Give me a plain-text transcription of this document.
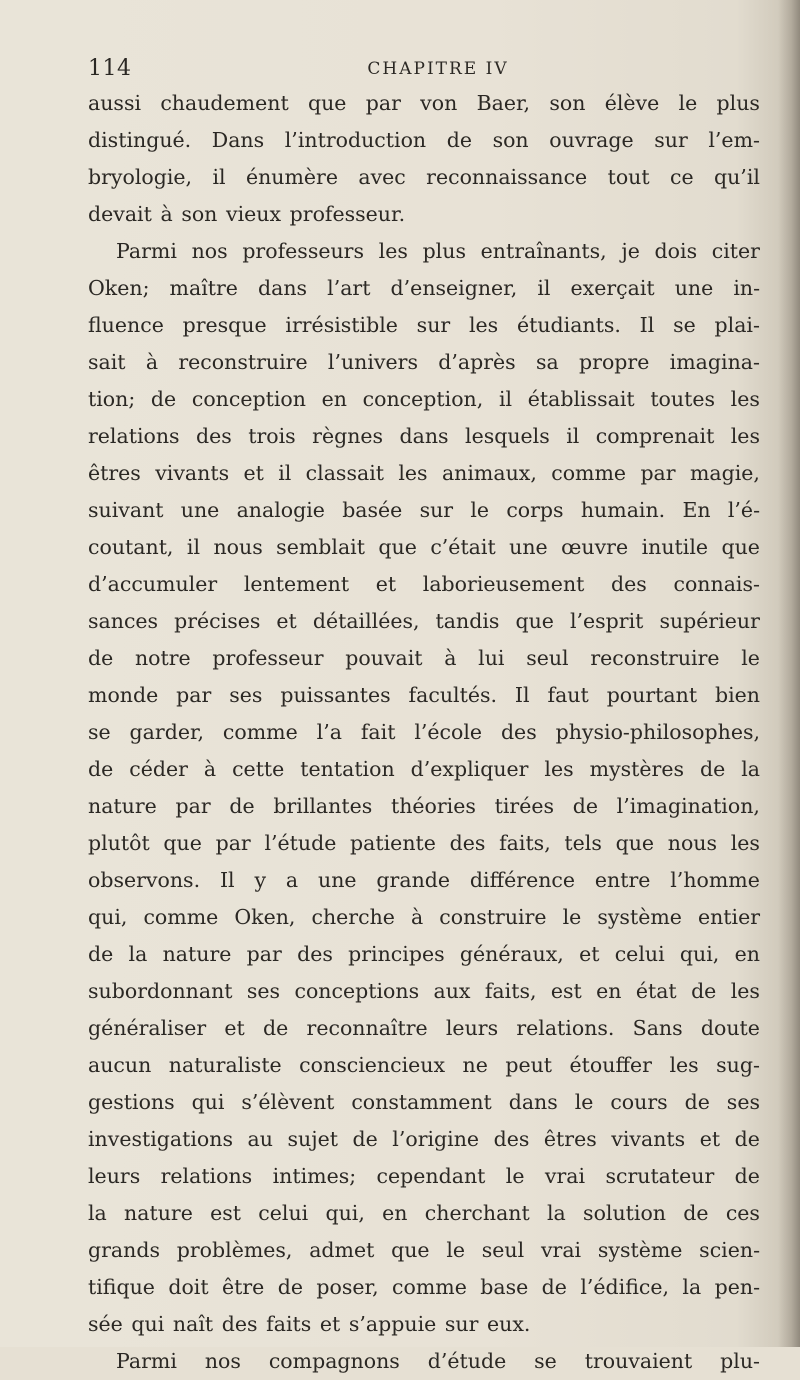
114	CHAPITRE IV
aussi chaudement que par von Baer, son élève le plus
distingué. Dans l’introduction de son ouvrage sur l’em-
bryologie, il énumère avec reconnaissance tout ce qu’il
devait à son vieux professeur.
Parmi nos professeurs les plus entraînants, je dois citer
Oken; maître dans l’art d’enseigner, il exerçait une in-
fluence presque irrésistible sur les étudiants. Il se plai-
sait à reconstruire l’univers d’après sa propre imagina-
tion; de conception en conception, il établissait toutes les
relations des trois règnes dans lesquels il comprenait les
êtres vivants et il classait les animaux, comme par magie,
suivant une analogie basée sur le corps humain. En l’é-
coutant, il nous semblait que c’était une œuvre inutile que
d’accumuler lentement et laborieusement des connais-
sances précises et détaillées, tandis que l’esprit supérieur
de notre professeur pouvait à lui seul reconstruire le
monde par ses puissantes facultés. Il faut pourtant bien
se garder, comme l’a fait l’école des physio-philosophes,
de céder à cette tentation d’expliquer les mystères de la
nature par de brillantes théories tirées de l’imagination,
plutôt que par l’étude patiente des faits, tels que nous les
observons. Il y a une grande différence entre l’homme
qui, comme Oken, cherche à construire le système entier
de la nature par des principes généraux, et celui qui, en
subordonnant ses conceptions aux faits, est en état de les
généraliser et de reconnaître leurs relations. Sans doute
aucun naturaliste consciencieux ne peut étouffer les sug-
gestions qui s’élèvent constamment dans le cours de ses
investigations au sujet de l’origine des êtres vivants et de
leurs relations intimes; cependant le vrai scrutateur de
la nature est celui qui, en cherchant la solution de ces
grands problèmes, admet que le seul vrai système scien-
tifique doit être de poser, comme base de l’édifice, la pen-
sée qui naît des faits et s’appuie sur eux.
Parmi nos compagnons d’étude se trouvaient plu-
